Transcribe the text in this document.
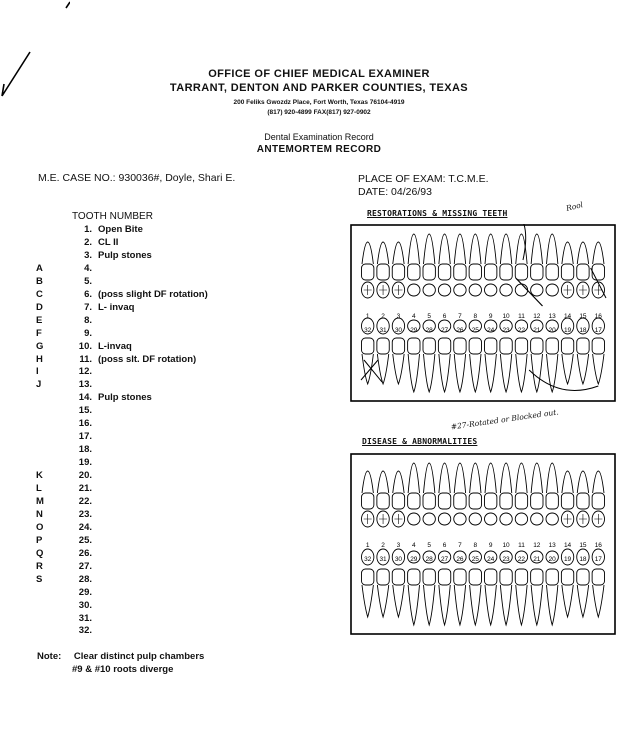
OFFICE OF CHIEF MEDICAL EXAMINER
TARRANT, DENTON AND PARKER COUNTIES, TEXAS
200 Feliks Gwozdz Place, Fort Worth, Texas 76104-4919
(817) 920-4899 FAX(817) 927-0902
Dental Examination Record
ANTEMORTEM RECORD
M.E. CASE NO.: 930036#, Doyle, Shari E.	PLACE OF EXAM: T.C.M.E.
DATE: 04/26/93
TOOTH NUMBER
1. Open Bite
2. CL II
3. Pulp stones
A	4.
B	5.
C	6. (poss slight DF rotation)
D	7. L- invaq
E	8.
F	9.
G	10. L-invaq
H	11. (poss slt. DF rotation)
I	12.
J	13.
14. Pulp stones
15.
16.
17.
18.
19.
K	20.
L	21.
M	22.
N	23.
O	24.
P	25.
Q	26.
R	27.
S	28.
29.
30.
31.
32.
Note: Clear distinct pulp chambers
#9 & #10 roots diverge
RESTORATIONS & MISSING TEETH
Rool
1 2 3 4 5 6 7 8 9 10 11 12 13 14 15 16
32 31 30 29 28 27 26 25 24 23 22 21 20 19 18 17
#27-Rotated or Blocked out.
DISEASE & ABNORMALITIES
1 2 3 4 5 6 7 8 9 10 11 12 13 14 15 16
32 31 30 29 28 27 26 25 24 23 22 21 20 19 18 17
